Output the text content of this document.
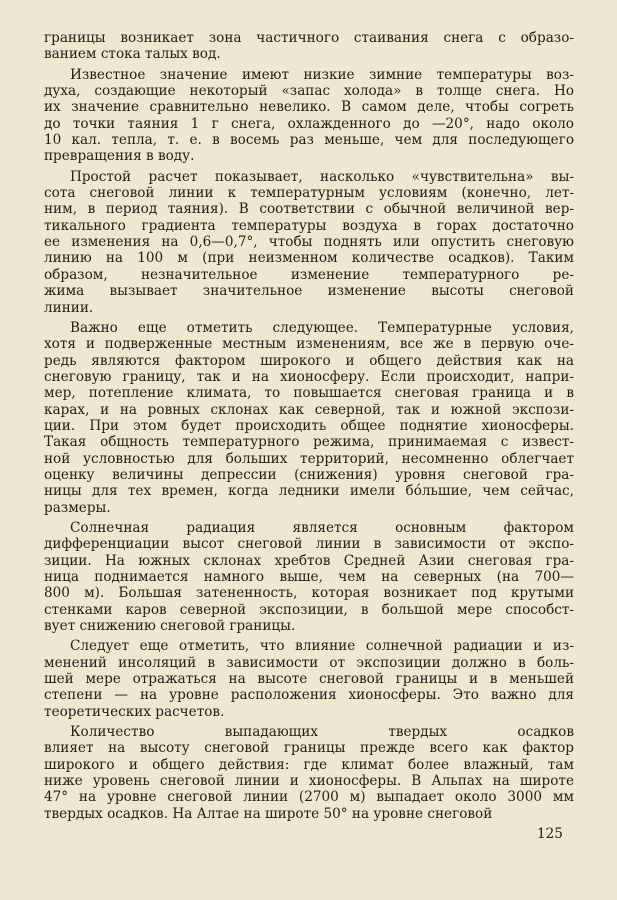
границы возникает зона частичного стаивания снега с образо-
ванием стока талых вод.
Известное значение имеют низкие зимние температуры воз-
духа, создающие некоторый «запас холода» в толще снега. Но
их значение сравнительно невелико. В самом деле, чтобы согреть
до точки таяния 1 г снега, охлажденного до —20°, надо около
10 кал. тепла, т. е. в восемь раз меньше, чем для последующего
превращения в воду.
Простой расчет показывает, насколько «чувствительна» вы-
сота снеговой линии к температурным условиям (конечно, лет-
ним, в период таяния). В соответствии с обычной величиной вер-
тикального градиента температуры воздуха в горах достаточно
ее изменения на 0,6—0,7°, чтобы поднять или опустить снеговую
линию на 100 м (при неизменном количестве осадков). Таким
образом, незначительное изменение температурного ре-
жима вызывает значительное изменение высоты снеговой
линии.
Важно еще отметить следующее. Температурные условия,
хотя и подверженные местным изменениям, все же в первую оче-
редь являются фактором широкого и общего действия как на
снеговую границу, так и на хионосферу. Если происходит, напри-
мер, потепление климата, то повышается снеговая граница и в
карах, и на ровных склонах как северной, так и южной экспози-
ции. При этом будет происходить общее поднятие хионосферы.
Такая общность температурного режима, принимаемая с извест-
ной условностью для больших территорий, несомненно облегчает
оценку величины депрессии (снижения) уровня снеговой гра-
ницы для тех времен, когда ледники имели бóльшие, чем сейчас,
размеры.
Солнечная радиация является основным фактором
дифференциации высот снеговой линии в зависимости от экспо-
зиции. На южных склонах хребтов Средней Азии снеговая гра-
ница поднимается намного выше, чем на северных (на 700—
800 м). Большая затененность, которая возникает под крутыми
стенками каров северной экспозиции, в большой мере способст-
вует снижению снеговой границы.
Следует еще отметить, что влияние солнечной радиации и из-
менений инсоляций в зависимости от экспозиции должно в боль-
шей мере отражаться на высоте снеговой границы и в меньшей
степени — на уровне расположения хионосферы. Это важно для
теоретических расчетов.
Количество выпадающих твердых осадков
влияет на высоту снеговой границы прежде всего как фактор
широкого и общего действия: где климат более влажный, там
ниже уровень снеговой линии и хионосферы. В Альпах на широте
47° на уровне снеговой линии (2700 м) выпадает около 3000 мм
твердых осадков. На Алтае на широте 50° на уровне снеговой
125
